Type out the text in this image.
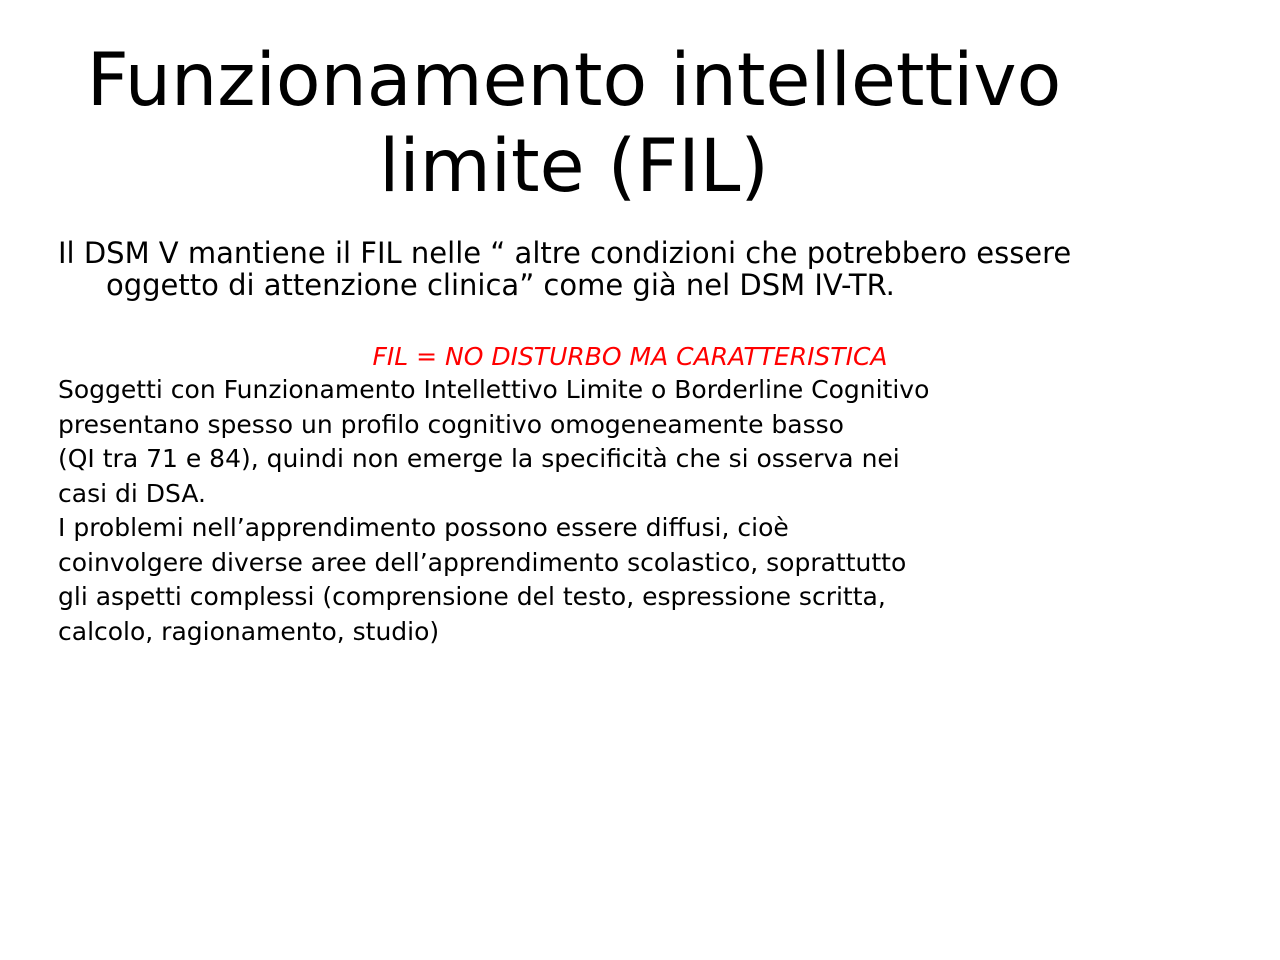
Funzionamento intellettivo
limite (FIL)

Il DSM V mantiene il FIL nelle “ altre condizioni che potrebbero essere
oggetto di attenzione clinica” come già nel DSM IV-TR.

FIL = NO DISTURBO MA CARATTERISTICA

Soggetti con Funzionamento Intellettivo Limite o Borderline Cognitivo
presentano spesso un profilo cognitivo omogeneamente basso
(QI tra 71 e 84), quindi non emerge la specificità che si osserva nei
casi di DSA.
I problemi nell’apprendimento possono essere diffusi, cioè
coinvolgere diverse aree dell’apprendimento scolastico, soprattutto
gli aspetti complessi (comprensione del testo, espressione scritta,
calcolo, ragionamento, studio)
